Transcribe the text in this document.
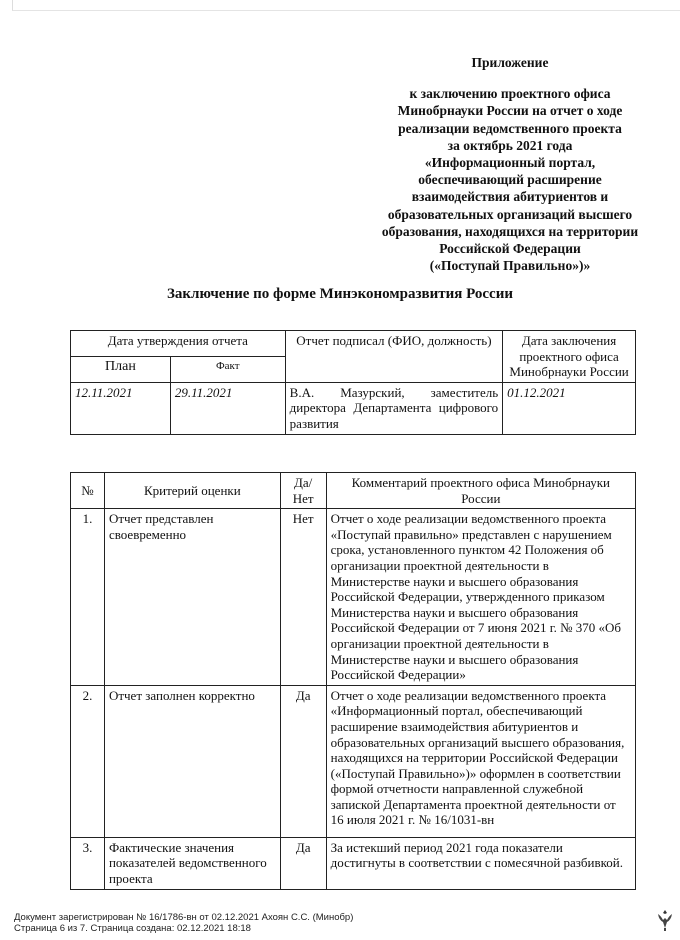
Приложение
к заключению проектного офиса
Минобрнауки России на отчет о ходе
реализации ведомственного проекта
за октябрь 2021 года
«Информационный портал,
обеспечивающий расширение
взаимодействия абитуриентов и
образовательных организаций высшего
образования, находящихся на территории
Российской Федерации
(«Поступай Правильно»)»
Заключение по форме Минэкономразвития России
Дата утверждения отчета		Отчет подписал (ФИО, должность)	Дата заключения проектного офиса Минобрнауки России
План	Факт		
12.11.2021	29.11.2021	В.А. Мазурский, заместитель директора Департамента цифрового развития	01.12.2021
№	Критерий оценки	Да/Нет	Комментарий проектного офиса Минобрнауки России
1.	Отчет представлен своевременно	Нет	Отчет о ходе реализации ведомственного проекта «Поступай правильно» представлен с нарушением срока, установленного пунктом 42 Положения об организации проектной деятельности в Министерстве науки и высшего образования Российской Федерации, утвержденного приказом Министерства науки и высшего образования Российской Федерации от 7 июня 2021 г. № 370 «Об организации проектной деятельности в Министерстве науки и высшего образования Российской Федерации»
2.	Отчет заполнен корректно	Да	Отчет о ходе реализации ведомственного проекта «Информационный портал, обеспечивающий расширение взаимодействия абитуриентов и образовательных организаций высшего образования, находящихся на территории Российской Федерации («Поступай Правильно»)» оформлен в соответствии формой отчетности направленной служебной запиской Департамента проектной деятельности от 16 июля 2021 г. № 16/1031-вн
3.	Фактические значения показателей ведомственного проекта	Да	За истекший период 2021 года показатели достигнуты в соответствии с помесячной разбивкой.
Документ зарегистрирован № 16/1786-вн от 02.12.2021 Ахоян С.С. (Минобр)
Страница 6 из 7. Страница создана: 02.12.2021 18:18
